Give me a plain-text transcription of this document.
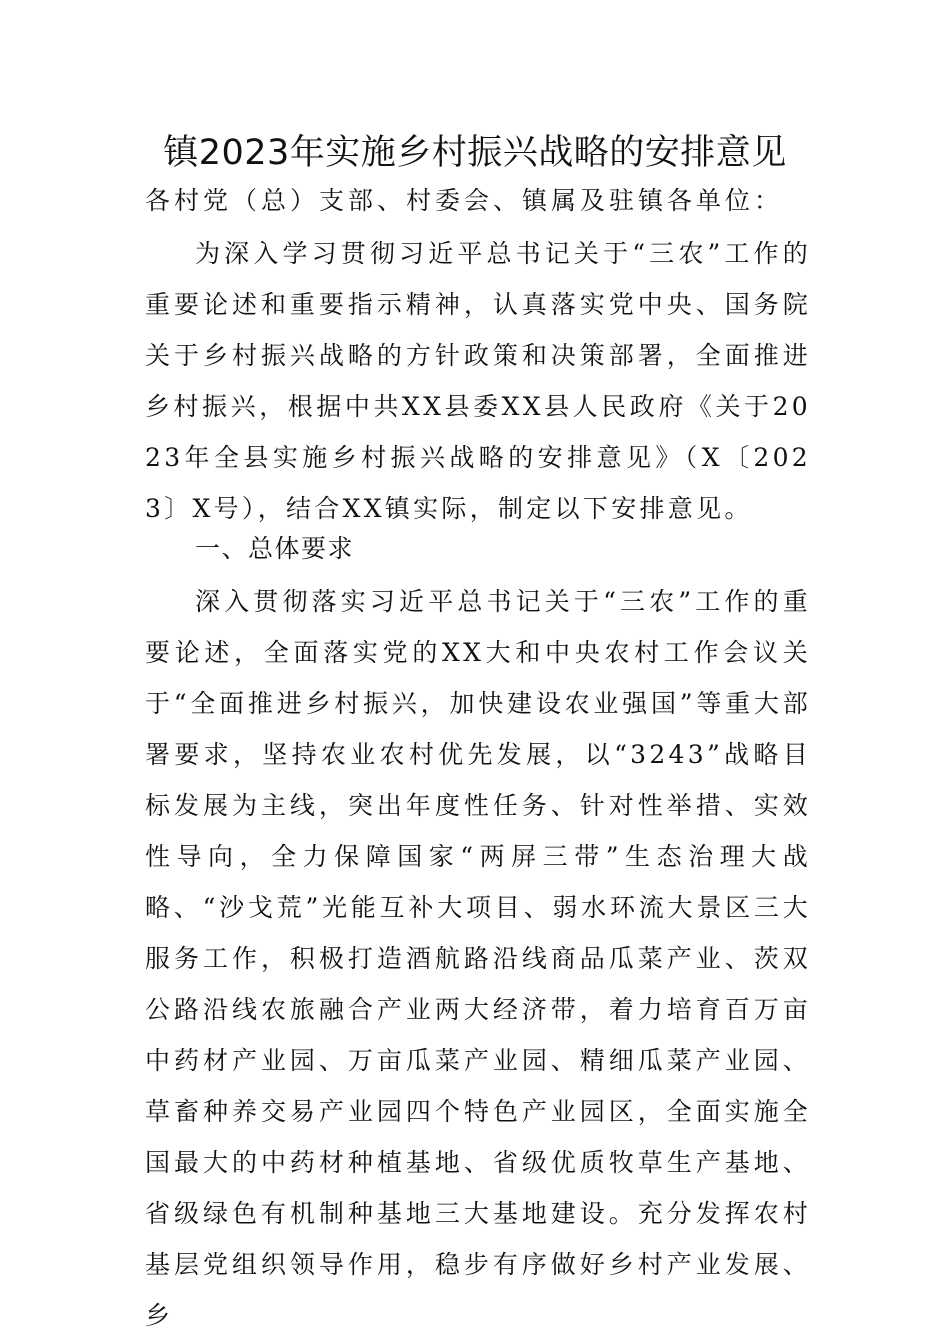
镇2023年实施乡村振兴战略的安排意见
各村党（总）支部、村委会、镇属及驻镇各单位：

为深入学习贯彻习近平总书记关于“三农”工作的重要论述和重要指示精神，认真落实党中央、国务院关于乡村振兴战略的方针政策和决策部署，全面推进乡村振兴，根据中共XX县委XX县人民政府《关于2023年全县实施乡村振兴战略的安排意见》（X〔2023〕X号），结合XX镇实际，制定以下安排意见。

一、总体要求

深入贯彻落实习近平总书记关于“三农”工作的重要论述，全面落实党的XX大和中央农村工作会议关于“全面推进乡村振兴，加快建设农业强国”等重大部署要求，坚持农业农村优先发展，以“3243”战略目标发展为主线，突出年度性任务、针对性举措、实效性导向，全力保障国家“两屏三带”生态治理大战略、“沙戈荒”光能互补大项目、弱水环流大景区三大服务工作，积极打造酒航路沿线商品瓜菜产业、茨双公路沿线农旅融合产业两大经济带，着力培育百万亩中药材产业园、万亩瓜菜产业园、精细瓜菜产业园、草畜种养交易产业园四个特色产业园区，全面实施全国最大的中药材种植基地、省级优质牧草生产基地、省级绿色有机制种基地三大基地建设。充分发挥农村基层党组织领导作用，稳步有序做好乡村产业发展、乡
